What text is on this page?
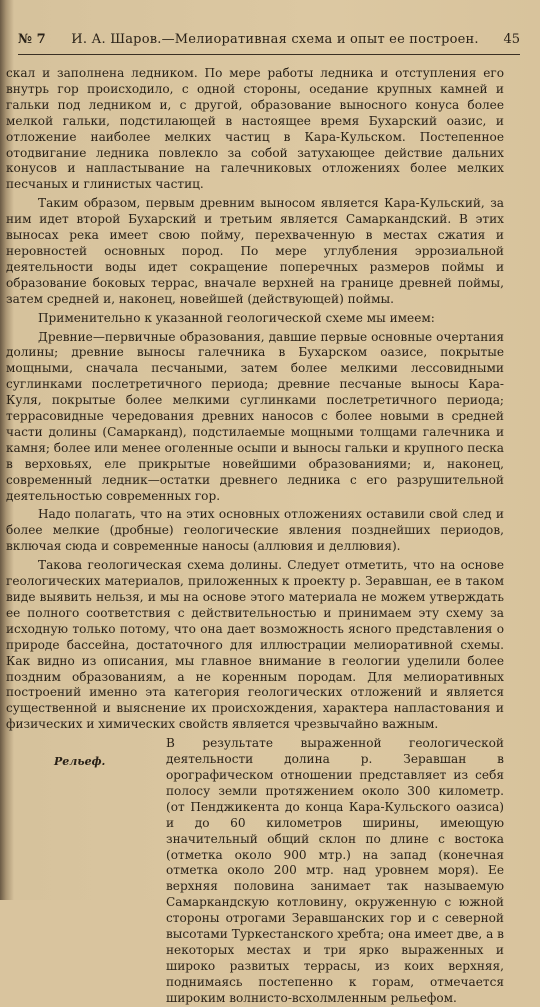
№ 7	И. А. Шаров.—Мелиоративная схема и опыт ее построен.	45

скал и заполнена ледником. По мере работы ледника и отступления его внутрь гор происходило, с одной стороны, оседание крупных камней и гальки под ледником и, с другой, образование выносного конуса более мелкой гальки, подстилающей в настоящее время Бухарский оазис, и отложение наиболее мелких частиц в Кара-Кульском. Постепенное отодвигание ледника повлекло за собой затухающее действие дальних конусов и напластывание на галечниковых отложениях более мелких песчаных и глинистых частиц.

Таким образом, первым древним выносом является Кара-Кульский, за ним идет второй Бухарский и третьим является Самаркандский. В этих выносах река имеет свою пойму, перехваченную в местах сжатия и неровностей основных пород. По мере углубления эррозиальной деятельности воды идет сокращение поперечных размеров поймы и образование боковых террас, вначале верхней на границе древней поймы, затем средней и, наконец, новейшей (действующей) поймы.

Применительно к указанной геологической схеме мы имеем:

Древние—первичные образования, давшие первые основные очертания долины; древние выносы галечника в Бухарском оазисе, покрытые мощными, сначала песчаными, затем более мелкими лессовидными суглинками послетретичного периода; древние песчаные выносы Кара-Куля, покрытые более мелкими суглинками послетретичного периода; террасовидные чередования древних наносов с более новыми в средней части долины (Самарканд), подстилаемые мощными толщами галечника и камня; более или менее оголенные осыпи и выносы гальки и крупного песка в верховьях, еле прикрытые новейшими образованиями; и, наконец, современный ледник—остатки древнего ледника с его разрушительной деятельностью современных гор.

Надо полагать, что на этих основных отложениях оставили свой след и более мелкие (дробные) геологические явления позднейших периодов, включая сюда и современные наносы (аллювия и деллювия).

Такова геологическая схема долины. Следует отметить, что на основе геологических материалов, приложенных к проекту р. Зеравшан, ее в таком виде выявить нельзя, и мы на основе этого материала не можем утверждать ее полного соответствия с действительностью и принимаем эту схему за исходную только потому, что она дает возможность ясного представления о природе бассейна, достаточного для иллюстрации мелиоративной схемы. Как видно из описания, мы главное внимание в геологии уделили более поздним образованиям, а не коренным породам. Для мелиоративных построений именно эта категория геологических отложений и является существенной и выяснение их происхождения, характера напластования и физических и химических свойств является чрезвычайно важным.

Рельеф.

В результате выраженной геологической деятельности долина р. Зеравшан в орографическом отношении представляет из себя полосу земли протяжением около 300 километр. (от Пенджикента до конца Кара-Кульского оазиса) и до 60 километров ширины, имеющую значительный общий склон по длине с востока (отметка около 900 мтр.) на запад (конечная отметка около 200 мтр. над уровнем моря). Ее верхняя половина занимает так называемую Самаркандскую котловину, окруженную с южной стороны отрогами Зеравшанских гор и с северной высотами Туркестанского хребта; она имеет две, а в некоторых местах и три ярко выраженных и широко развитых террасы, из коих верхняя, поднимаясь постепенно к горам, отмечается широким волнисто-всхолмленным рельефом.
